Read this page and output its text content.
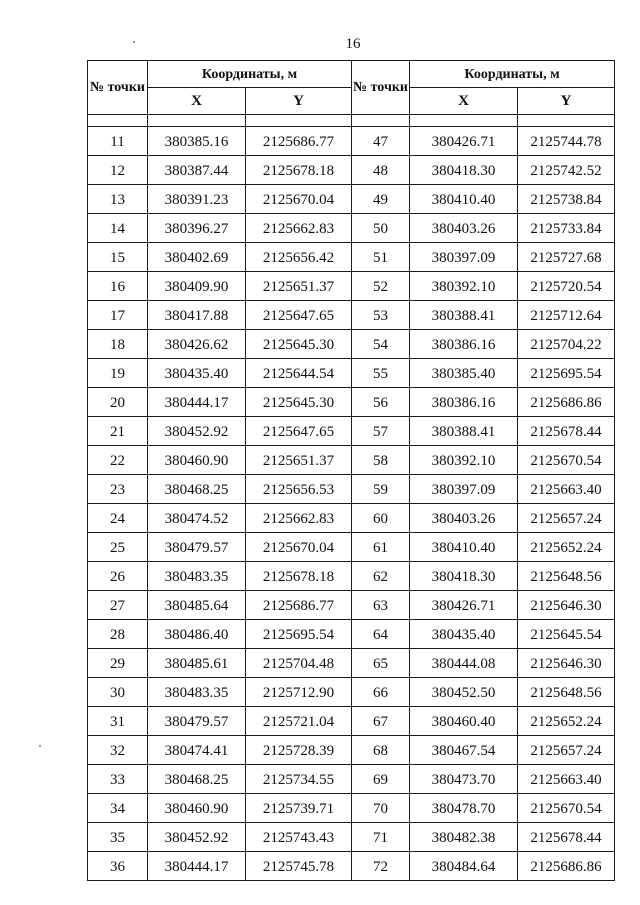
16
№ точки	Координаты, м		№ точки	Координаты, м	
	X	Y		X	Y

11	380385.16	2125686.77	47	380426.71	2125744.78
12	380387.44	2125678.18	48	380418.30	2125742.52
13	380391.23	2125670.04	49	380410.40	2125738.84
14	380396.27	2125662.83	50	380403.26	2125733.84
15	380402.69	2125656.42	51	380397.09	2125727.68
16	380409.90	2125651.37	52	380392.10	2125720.54
17	380417.88	2125647.65	53	380388.41	2125712.64
18	380426.62	2125645.30	54	380386.16	2125704.22
19	380435.40	2125644.54	55	380385.40	2125695.54
20	380444.17	2125645.30	56	380386.16	2125686.86
21	380452.92	2125647.65	57	380388.41	2125678.44
22	380460.90	2125651.37	58	380392.10	2125670.54
23	380468.25	2125656.53	59	380397.09	2125663.40
24	380474.52	2125662.83	60	380403.26	2125657.24
25	380479.57	2125670.04	61	380410.40	2125652.24
26	380483.35	2125678.18	62	380418.30	2125648.56
27	380485.64	2125686.77	63	380426.71	2125646.30
28	380486.40	2125695.54	64	380435.40	2125645.54
29	380485.61	2125704.48	65	380444.08	2125646.30
30	380483.35	2125712.90	66	380452.50	2125648.56
31	380479.57	2125721.04	67	380460.40	2125652.24
32	380474.41	2125728.39	68	380467.54	2125657.24
33	380468.25	2125734.55	69	380473.70	2125663.40
34	380460.90	2125739.71	70	380478.70	2125670.54
35	380452.92	2125743.43	71	380482.38	2125678.44
36	380444.17	2125745.78	72	380484.64	2125686.86
